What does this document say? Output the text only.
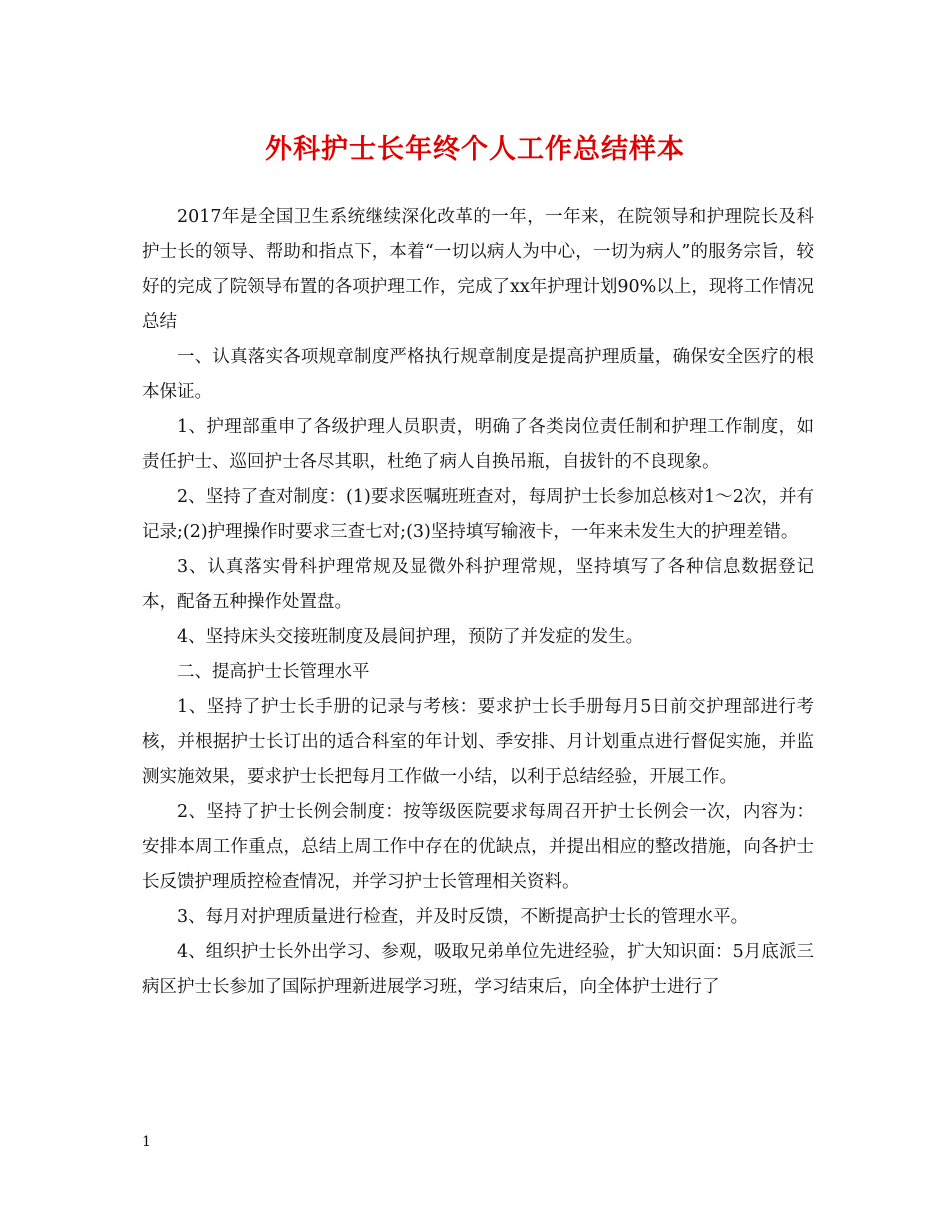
外科护士长年终个人工作总结样本

2017年是全国卫生系统继续深化改革的一年，一年来，在院领导和护理院长及科护士长的领导、帮助和指点下，本着“一切以病人为中心，一切为病人”的服务宗旨，较好的完成了院领导布置的各项护理工作，完成了xx年护理计划90%以上，现将工作情况总结

一、认真落实各项规章制度严格执行规章制度是提高护理质量，确保安全医疗的根本保证。

1、护理部重申了各级护理人员职责，明确了各类岗位责任制和护理工作制度，如责任护士、巡回护士各尽其职，杜绝了病人自换吊瓶，自拔针的不良现象。

2、坚持了查对制度：(1)要求医嘱班班查对，每周护士长参加总核对1～2次，并有记录;(2)护理操作时要求三查七对;(3)坚持填写输液卡，一年来未发生大的护理差错。

3、认真落实骨科护理常规及显微外科护理常规，坚持填写了各种信息数据登记本，配备五种操作处置盘。

4、坚持床头交接班制度及晨间护理，预防了并发症的发生。

二、提高护士长管理水平

1、坚持了护士长手册的记录与考核：要求护士长手册每月5日前交护理部进行考核，并根据护士长订出的适合科室的年计划、季安排、月计划重点进行督促实施，并监测实施效果，要求护士长把每月工作做一小结，以利于总结经验，开展工作。

2、坚持了护士长例会制度：按等级医院要求每周召开护士长例会一次，内容为：安排本周工作重点，总结上周工作中存在的优缺点，并提出相应的整改措施，向各护士长反馈护理质控检查情况，并学习护士长管理相关资料。

3、每月对护理质量进行检查，并及时反馈，不断提高护士长的管理水平。

4、组织护士长外出学习、参观，吸取兄弟单位先进经验，扩大知识面：5月底派三病区护士长参加了国际护理新进展学习班，学习结束后，向全体护士进行了

1
